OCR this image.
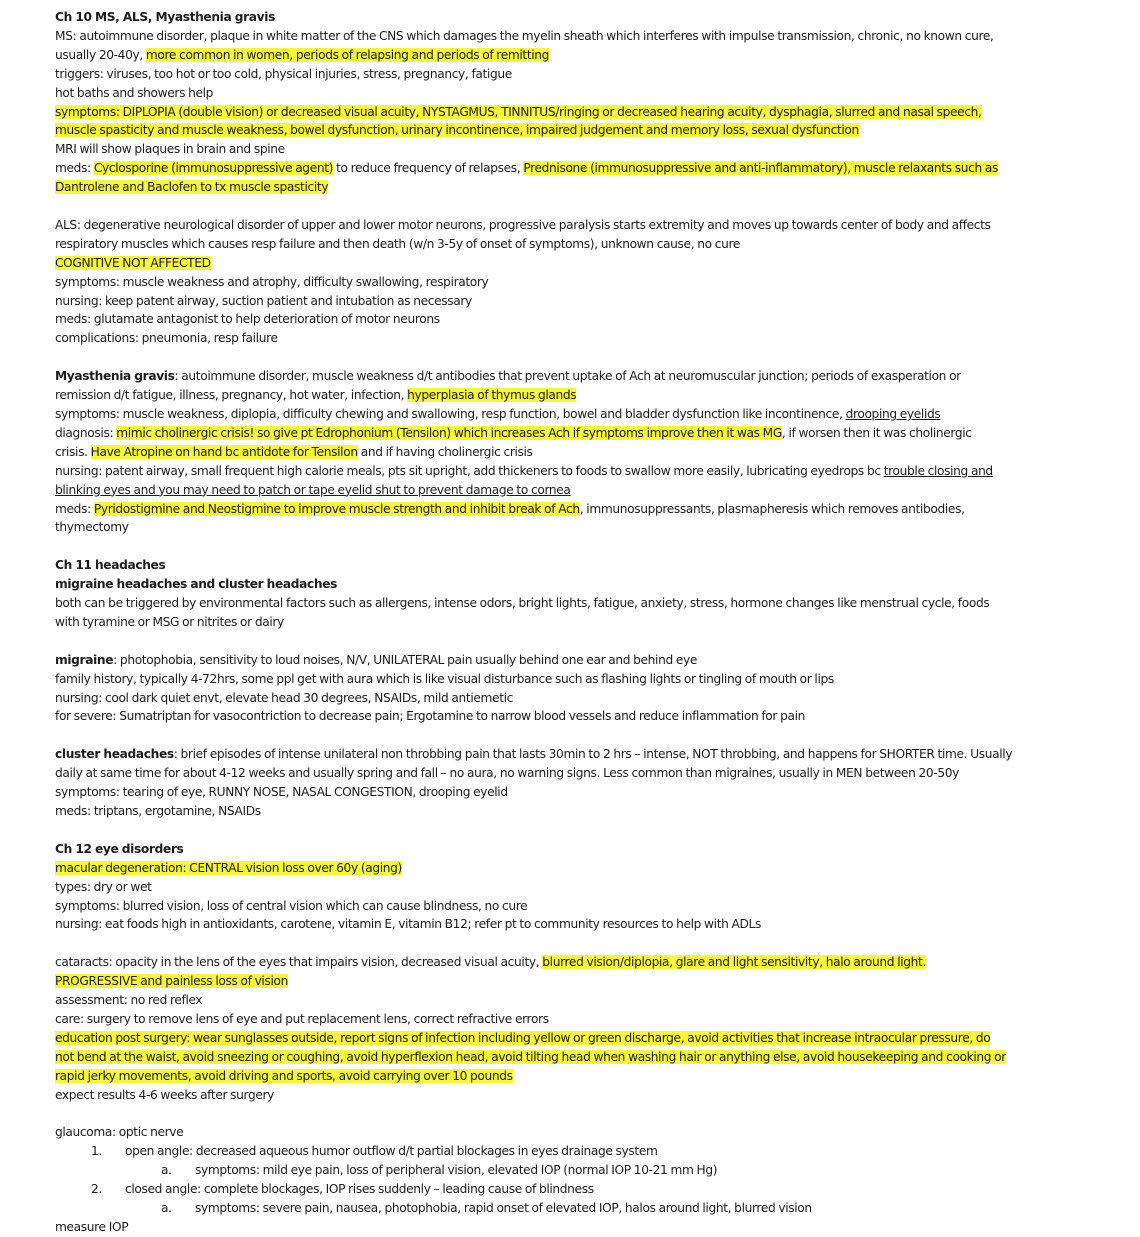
Ch 10 MS, ALS, Myasthenia gravis

MS: autoimmune disorder, plaque in white matter of the CNS which damages the myelin sheath which interferes with impulse transmission, chronic, no known cure,

usually 20-40y, more common in women, periods of relapsing and periods of remitting

triggers: viruses, too hot or too cold, physical injuries, stress, pregnancy, fatigue

hot baths and showers help

symptoms: DIPLOPIA (double vision) or decreased visual acuity, NYSTAGMUS, TINNITUS/ringing or decreased hearing acuity, dysphagia, slurred and nasal speech,

muscle spasticity and muscle weakness, bowel dysfunction, urinary incontinence, impaired judgement and memory loss, sexual dysfunction

MRI will show plaques in brain and spine

meds: Cyclosporine (immunosuppressive agent) to reduce frequency of relapses, Prednisone (immunosuppressive and anti-inflammatory), muscle relaxants such as

Dantrolene and Baclofen to tx muscle spasticity

ALS: degenerative neurological disorder of upper and lower motor neurons, progressive paralysis starts extremity and moves up towards center of body and affects

respiratory muscles which causes resp failure and then death (w/n 3-5y of onset of symptoms), unknown cause, no cure

COGNITIVE NOT AFFECTED

symptoms: muscle weakness and atrophy, difficulty swallowing, respiratory

nursing: keep patent airway, suction patient and intubation as necessary

meds: glutamate antagonist to help deterioration of motor neurons

complications: pneumonia, resp failure

Myasthenia gravis: autoimmune disorder, muscle weakness d/t antibodies that prevent uptake of Ach at neuromuscular junction; periods of exasperation or

remission d/t fatigue, illness, pregnancy, hot water, infection, hyperplasia of thymus glands

symptoms: muscle weakness, diplopia, difficulty chewing and swallowing, resp function, bowel and bladder dysfunction like incontinence, drooping eyelids

diagnosis: mimic cholinergic crisis! so give pt Edrophonium (Tensilon) which increases Ach if symptoms improve then it was MG, if worsen then it was cholinergic

crisis. Have Atropine on hand bc antidote for Tensilon and if having cholinergic crisis

nursing: patent airway, small frequent high calorie meals, pts sit upright, add thickeners to foods to swallow more easily, lubricating eyedrops bc trouble closing and

blinking eyes and you may need to patch or tape eyelid shut to prevent damage to cornea

meds: Pyridostigmine and Neostigmine to improve muscle strength and inhibit break of Ach, immunosuppressants, plasmapheresis which removes antibodies,

thymectomy

Ch 11 headaches

migraine headaches and cluster headaches

both can be triggered by environmental factors such as allergens, intense odors, bright lights, fatigue, anxiety, stress, hormone changes like menstrual cycle, foods

with tyramine or MSG or nitrites or dairy

migraine: photophobia, sensitivity to loud noises, N/V, UNILATERAL pain usually behind one ear and behind eye

family history, typically 4-72hrs, some ppl get with aura which is like visual disturbance such as flashing lights or tingling of mouth or lips

nursing: cool dark quiet envt, elevate head 30 degrees, NSAIDs, mild antiemetic

for severe: Sumatriptan for vasocontriction to decrease pain; Ergotamine to narrow blood vessels and reduce inflammation for pain

cluster headaches: brief episodes of intense unilateral non throbbing pain that lasts 30min to 2 hrs – intense, NOT throbbing, and happens for SHORTER time. Usually

daily at same time for about 4-12 weeks and usually spring and fall – no aura, no warning signs. Less common than migraines, usually in MEN between 20-50y

symptoms: tearing of eye, RUNNY NOSE, NASAL CONGESTION, drooping eyelid

meds: triptans, ergotamine, NSAIDs

Ch 12 eye disorders

macular degeneration: CENTRAL vision loss over 60y (aging)

types: dry or wet

symptoms: blurred vision, loss of central vision which can cause blindness, no cure

nursing: eat foods high in antioxidants, carotene, vitamin E, vitamin B12; refer pt to community resources to help with ADLs

cataracts: opacity in the lens of the eyes that impairs vision, decreased visual acuity, blurred vision/diplopia, glare and light sensitivity, halo around light.

PROGRESSIVE and painless loss of vision

assessment: no red reflex

care: surgery to remove lens of eye and put replacement lens, correct refractive errors

education post surgery: wear sunglasses outside, report signs of infection including yellow or green discharge, avoid activities that increase intraocular pressure, do

not bend at the waist, avoid sneezing or coughing, avoid hyperflexion head, avoid tilting head when washing hair or anything else, avoid housekeeping and cooking or

rapid jerky movements, avoid driving and sports, avoid carrying over 10 pounds

expect results 4-6 weeks after surgery

glaucoma: optic nerve

1. open angle: decreased aqueous humor outflow d/t partial blockages in eyes drainage system

a. symptoms: mild eye pain, loss of peripheral vision, elevated IOP (normal IOP 10-21 mm Hg)

2. closed angle: complete blockages, IOP rises suddenly – leading cause of blindness

a. symptoms: severe pain, nausea, photophobia, rapid onset of elevated IOP, halos around light, blurred vision

measure IOP
